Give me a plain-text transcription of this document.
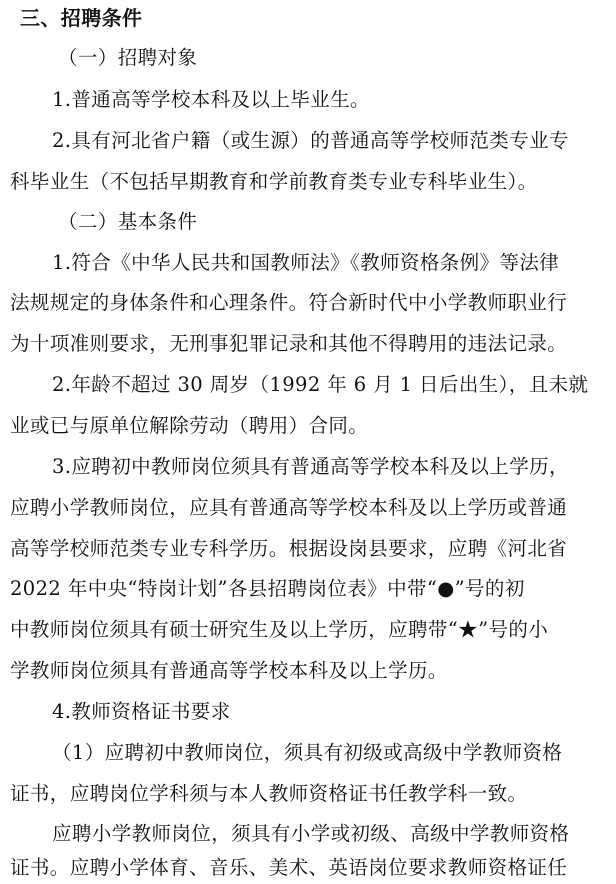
三、招聘条件
（一）招聘对象
1.普通高等学校本科及以上毕业生。
2.具有河北省户籍（或生源）的普通高等学校师范类专业专
科毕业生（不包括早期教育和学前教育类专业专科毕业生）。
（二）基本条件
1.符合《中华人民共和国教师法》《教师资格条例》等法律
法规规定的身体条件和心理条件。符合新时代中小学教师职业行
为十项准则要求，无刑事犯罪记录和其他不得聘用的违法记录。
2.年龄不超过 30 周岁（1992 年 6 月 1 日后出生），且未就
业或已与原单位解除劳动（聘用）合同。
3.应聘初中教师岗位须具有普通高等学校本科及以上学历，
应聘小学教师岗位，应具有普通高等学校本科及以上学历或普通
高等学校师范类专业专科学历。根据设岗县要求，应聘《河北省
2022 年中央“特岗计划”各县招聘岗位表》中带“●”号的初
中教师岗位须具有硕士研究生及以上学历，应聘带“★”号的小
学教师岗位须具有普通高等学校本科及以上学历。
4.教师资格证书要求
（1）应聘初中教师岗位，须具有初级或高级中学教师资格
证书，应聘岗位学科须与本人教师资格证书任教学科一致。
应聘小学教师岗位，须具有小学或初级、高级中学教师资格
证书。应聘小学体育、音乐、美术、英语岗位要求教师资格证任
